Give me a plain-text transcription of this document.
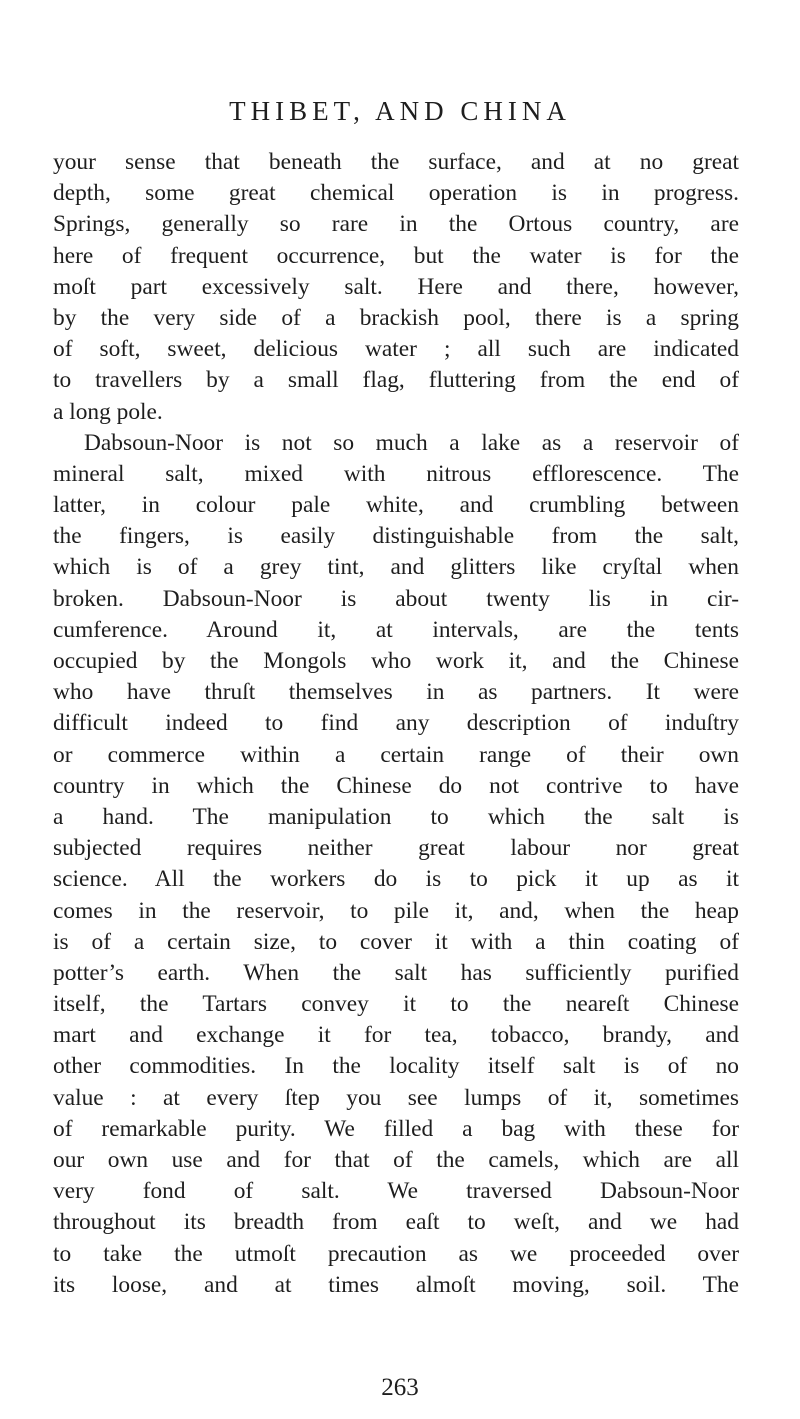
THIBET, AND CHINA
your sense that beneath the surface, and at no great
depth, some great chemical operation is in progress.
Springs, generally so rare in the Ortous country, are
here of frequent occurrence, but the water is for the
moſt part excessively salt. Here and there, however,
by the very side of a brackish pool, there is a spring
of soft, sweet, delicious water ; all such are indicated
to travellers by a small flag, fluttering from the end of
a long pole.
Dabsoun-Noor is not so much a lake as a reservoir of
mineral salt, mixed with nitrous efflorescence. The
latter, in colour pale white, and crumbling between
the fingers, is easily distinguishable from the salt,
which is of a grey tint, and glitters like cryſtal when
broken. Dabsoun-Noor is about twenty lis in cir-
cumference. Around it, at intervals, are the tents
occupied by the Mongols who work it, and the Chinese
who have thruſt themselves in as partners. It were
difficult indeed to find any description of induſtry
or commerce within a certain range of their own
country in which the Chinese do not contrive to have
a hand. The manipulation to which the salt is
subjected requires neither great labour nor great
science. All the workers do is to pick it up as it
comes in the reservoir, to pile it, and, when the heap
is of a certain size, to cover it with a thin coating of
potter’s earth. When the salt has sufficiently purified
itself, the Tartars convey it to the neareſt Chinese
mart and exchange it for tea, tobacco, brandy, and
other commodities. In the locality itself salt is of no
value : at every ſtep you see lumps of it, sometimes
of remarkable purity. We filled a bag with these for
our own use and for that of the camels, which are all
very fond of salt. We traversed Dabsoun-Noor
throughout its breadth from eaſt to weſt, and we had
to take the utmoſt precaution as we proceeded over
its loose, and at times almoſt moving, soil. The
263
